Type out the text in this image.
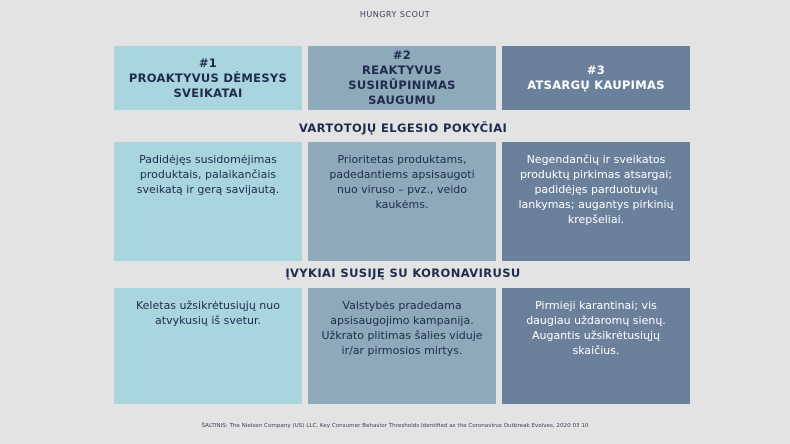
HUNGRY SCOUT
#1
PROAKTYVUS DĖMESYS
SVEIKATAI
#2
REAKTYVUS
SUSIRŪPINIMAS SAUGUMU
#3
ATSARGŲ KAUPIMAS
VARTOTOJŲ ELGESIO POKYČIAI
Padidėjęs susidomėjimas produktais, palaikančiais sveikatą ir gerą savijautą.
Prioritetas produktams, padedantiems apsisaugoti nuo viruso – pvz., veido kaukėms.
Negendančių ir sveikatos produktų pirkimas atsargai; padidėjęs parduotuvių lankymas; augantys pirkinių krepšeliai.
ĮVYKIAI SUSIJĘ SU KORONAVIRUSU
Keletas užsikrėtusiųjų nuo atvykusių iš svetur.
Valstybės pradedama apsisaugojimo kampanija. Užkrato plitimas šalies viduje ir/ar pirmosios mirtys.
Pirmieji karantinai; vis daugiau uždaromų sienų. Augantis užsikrėtusiųjų skaičius.
ŠALTINIS: The Nielsen Company (US) LLC, Key Consumer Behavior Thresholds Identified as the Coronavirus Outbreak Evolves, 2020 03 10
